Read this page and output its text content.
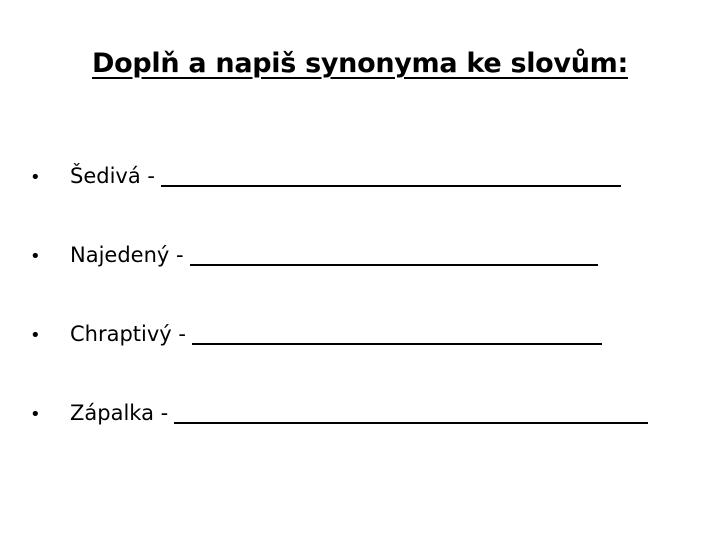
Doplň a napiš synonyma ke slovům:
•	Šedivá -
•	Najedený -
•	Chraptivý -
•	Zápalka -
